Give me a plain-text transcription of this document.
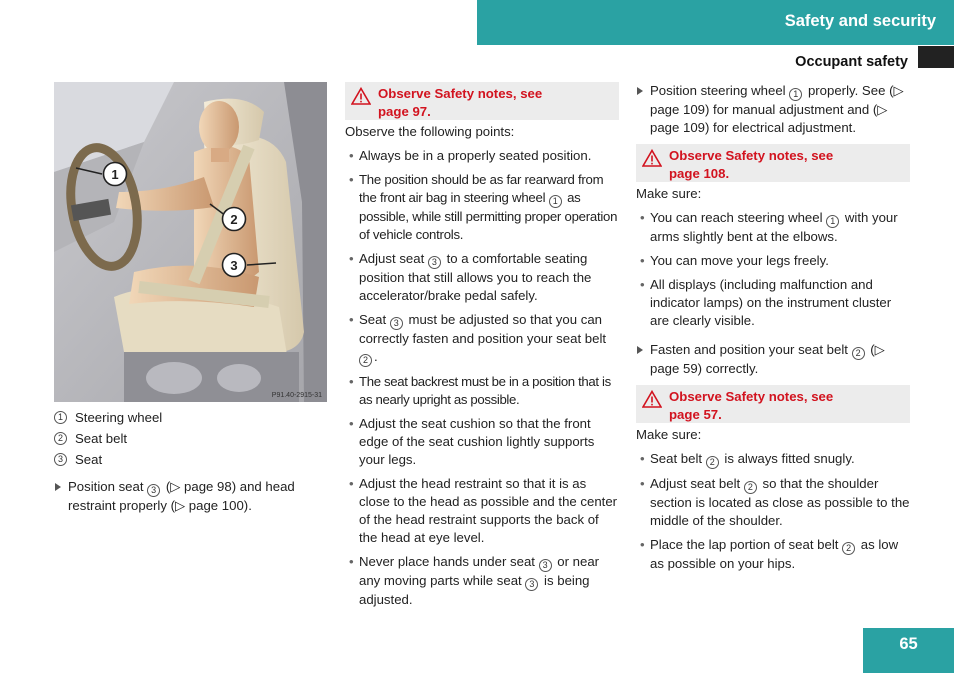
Safety and security
Occupant safety
1
2
3
P91.40-2915-31
1 Steering wheel
2 Seat belt
3 Seat
Position seat 3 (▷ page 98) and head restraint properly (▷ page 100).
Observe Safety notes, see
page 97.
Observe the following points:
• Always be in a properly seated position.
• The position should be as far rearward from the front air bag in steering wheel 1 as possible, while still permitting proper operation of vehicle controls.
• Adjust seat 3 to a comfortable seating position that still allows you to reach the accelerator/brake pedal safely.
• Seat 3 must be adjusted so that you can correctly fasten and position your seat belt 2 .
• The seat backrest must be in a position that is as nearly upright as possible.
• Adjust the seat cushion so that the front edge of the seat cushion lightly supports your legs.
• Adjust the head restraint so that it is as close to the head as possible and the center of the head restraint supports the back of the head at eye level.
• Never place hands under seat 3 or near any moving parts while seat 3 is being adjusted.
Position steering wheel 1 properly. See (▷ page 109) for manual adjustment and (▷ page 109) for electrical adjustment.
Observe Safety notes, see
page 108.
Make sure:
• You can reach steering wheel 1 with your arms slightly bent at the elbows.
• You can move your legs freely.
• All displays (including malfunction and indicator lamps) on the instrument cluster are clearly visible.
Fasten and position your seat belt 2 (▷ page 59) correctly.
Observe Safety notes, see
page 57.
Make sure:
• Seat belt 2 is always fitted snugly.
• Adjust seat belt 2 so that the shoulder section is located as close as possible to the middle of the shoulder.
• Place the lap portion of seat belt 2 as low as possible on your hips.
65
